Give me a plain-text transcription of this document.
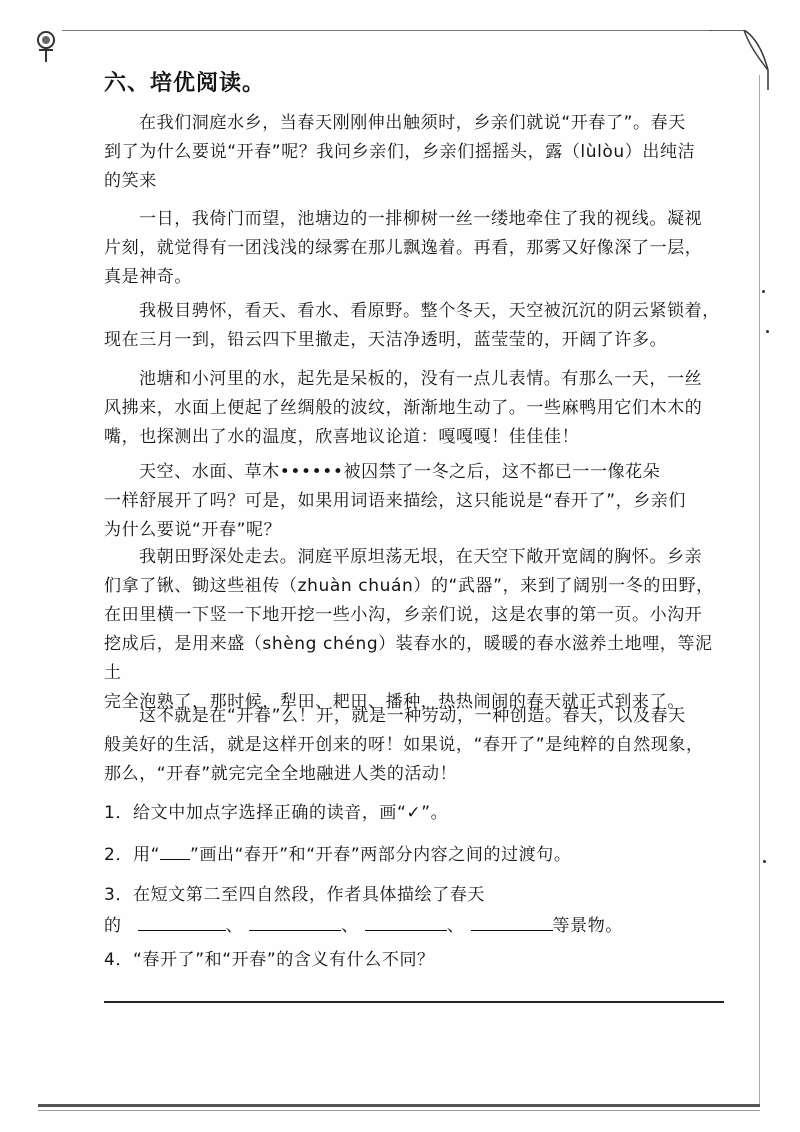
六、培优阅读。
在我们洞庭水乡，当春天刚刚伸出触须时，乡亲们就说“开春了”。春天
到了为什么要说“开春”呢？我问乡亲们，乡亲们摇摇头，露（lùlòu）出纯洁
的笑来
一日，我倚门而望，池塘边的一排柳树一丝一缕地牵住了我的视线。凝视
片刻，就觉得有一团浅浅的绿雾在那儿飘逸着。再看，那雾又好像深了一层，
真是神奇。
我极目骋怀，看天、看水、看原野。整个冬天，天空被沉沉的阴云紧锁着，
现在三月一到，铅云四下里撤走，天洁净透明，蓝莹莹的，开阔了许多。
池塘和小河里的水，起先是呆板的，没有一点儿表情。有那么一天，一丝
风拂来，水面上便起了丝绸般的波纹，渐渐地生动了。一些麻鸭用它们木木的
嘴，也探测出了水的温度，欣喜地议论道：嘎嘎嘎！佳佳佳！
天空、水面、草木••••••被囚禁了一冬之后，这不都已一一像花朵
一样舒展开了吗？可是，如果用词语来描绘，这只能说是“春开了”，乡亲们
为什么要说“开春”呢？
我朝田野深处走去。洞庭平原坦荡无垠，在天空下敞开宽阔的胸怀。乡亲
们拿了锹、锄这些祖传（zhuàn chuán）的“武器”，来到了阔别一冬的田野，
在田里横一下竖一下地开挖一些小沟，乡亲们说，这是农事的第一页。小沟开
挖成后，是用来盛（shèng chéng）装春水的，暖暖的春水滋养土地哩，等泥土
完全泡熟了，那时候，犁田、耙田、播种，热热闹闹的春天就正式到来了。
这不就是在“开春”么！开，就是一种劳动，一种创造。春天，以及春天
般美好的生活，就是这样开创来的呀！如果说，“春开了”是纯粹的自然现象，
那么，“开春”就完完全全地融进人类的活动！
1．给文中加点字选择正确的读音，画“✓”。
2．用“ ”画出“春开”和“开春”两部分内容之间的过渡句。
3．在短文第二至四自然段，作者具体描绘了春天
的	、	、	、	等景物。
4．“春开了”和“开春”的含义有什么不同？
